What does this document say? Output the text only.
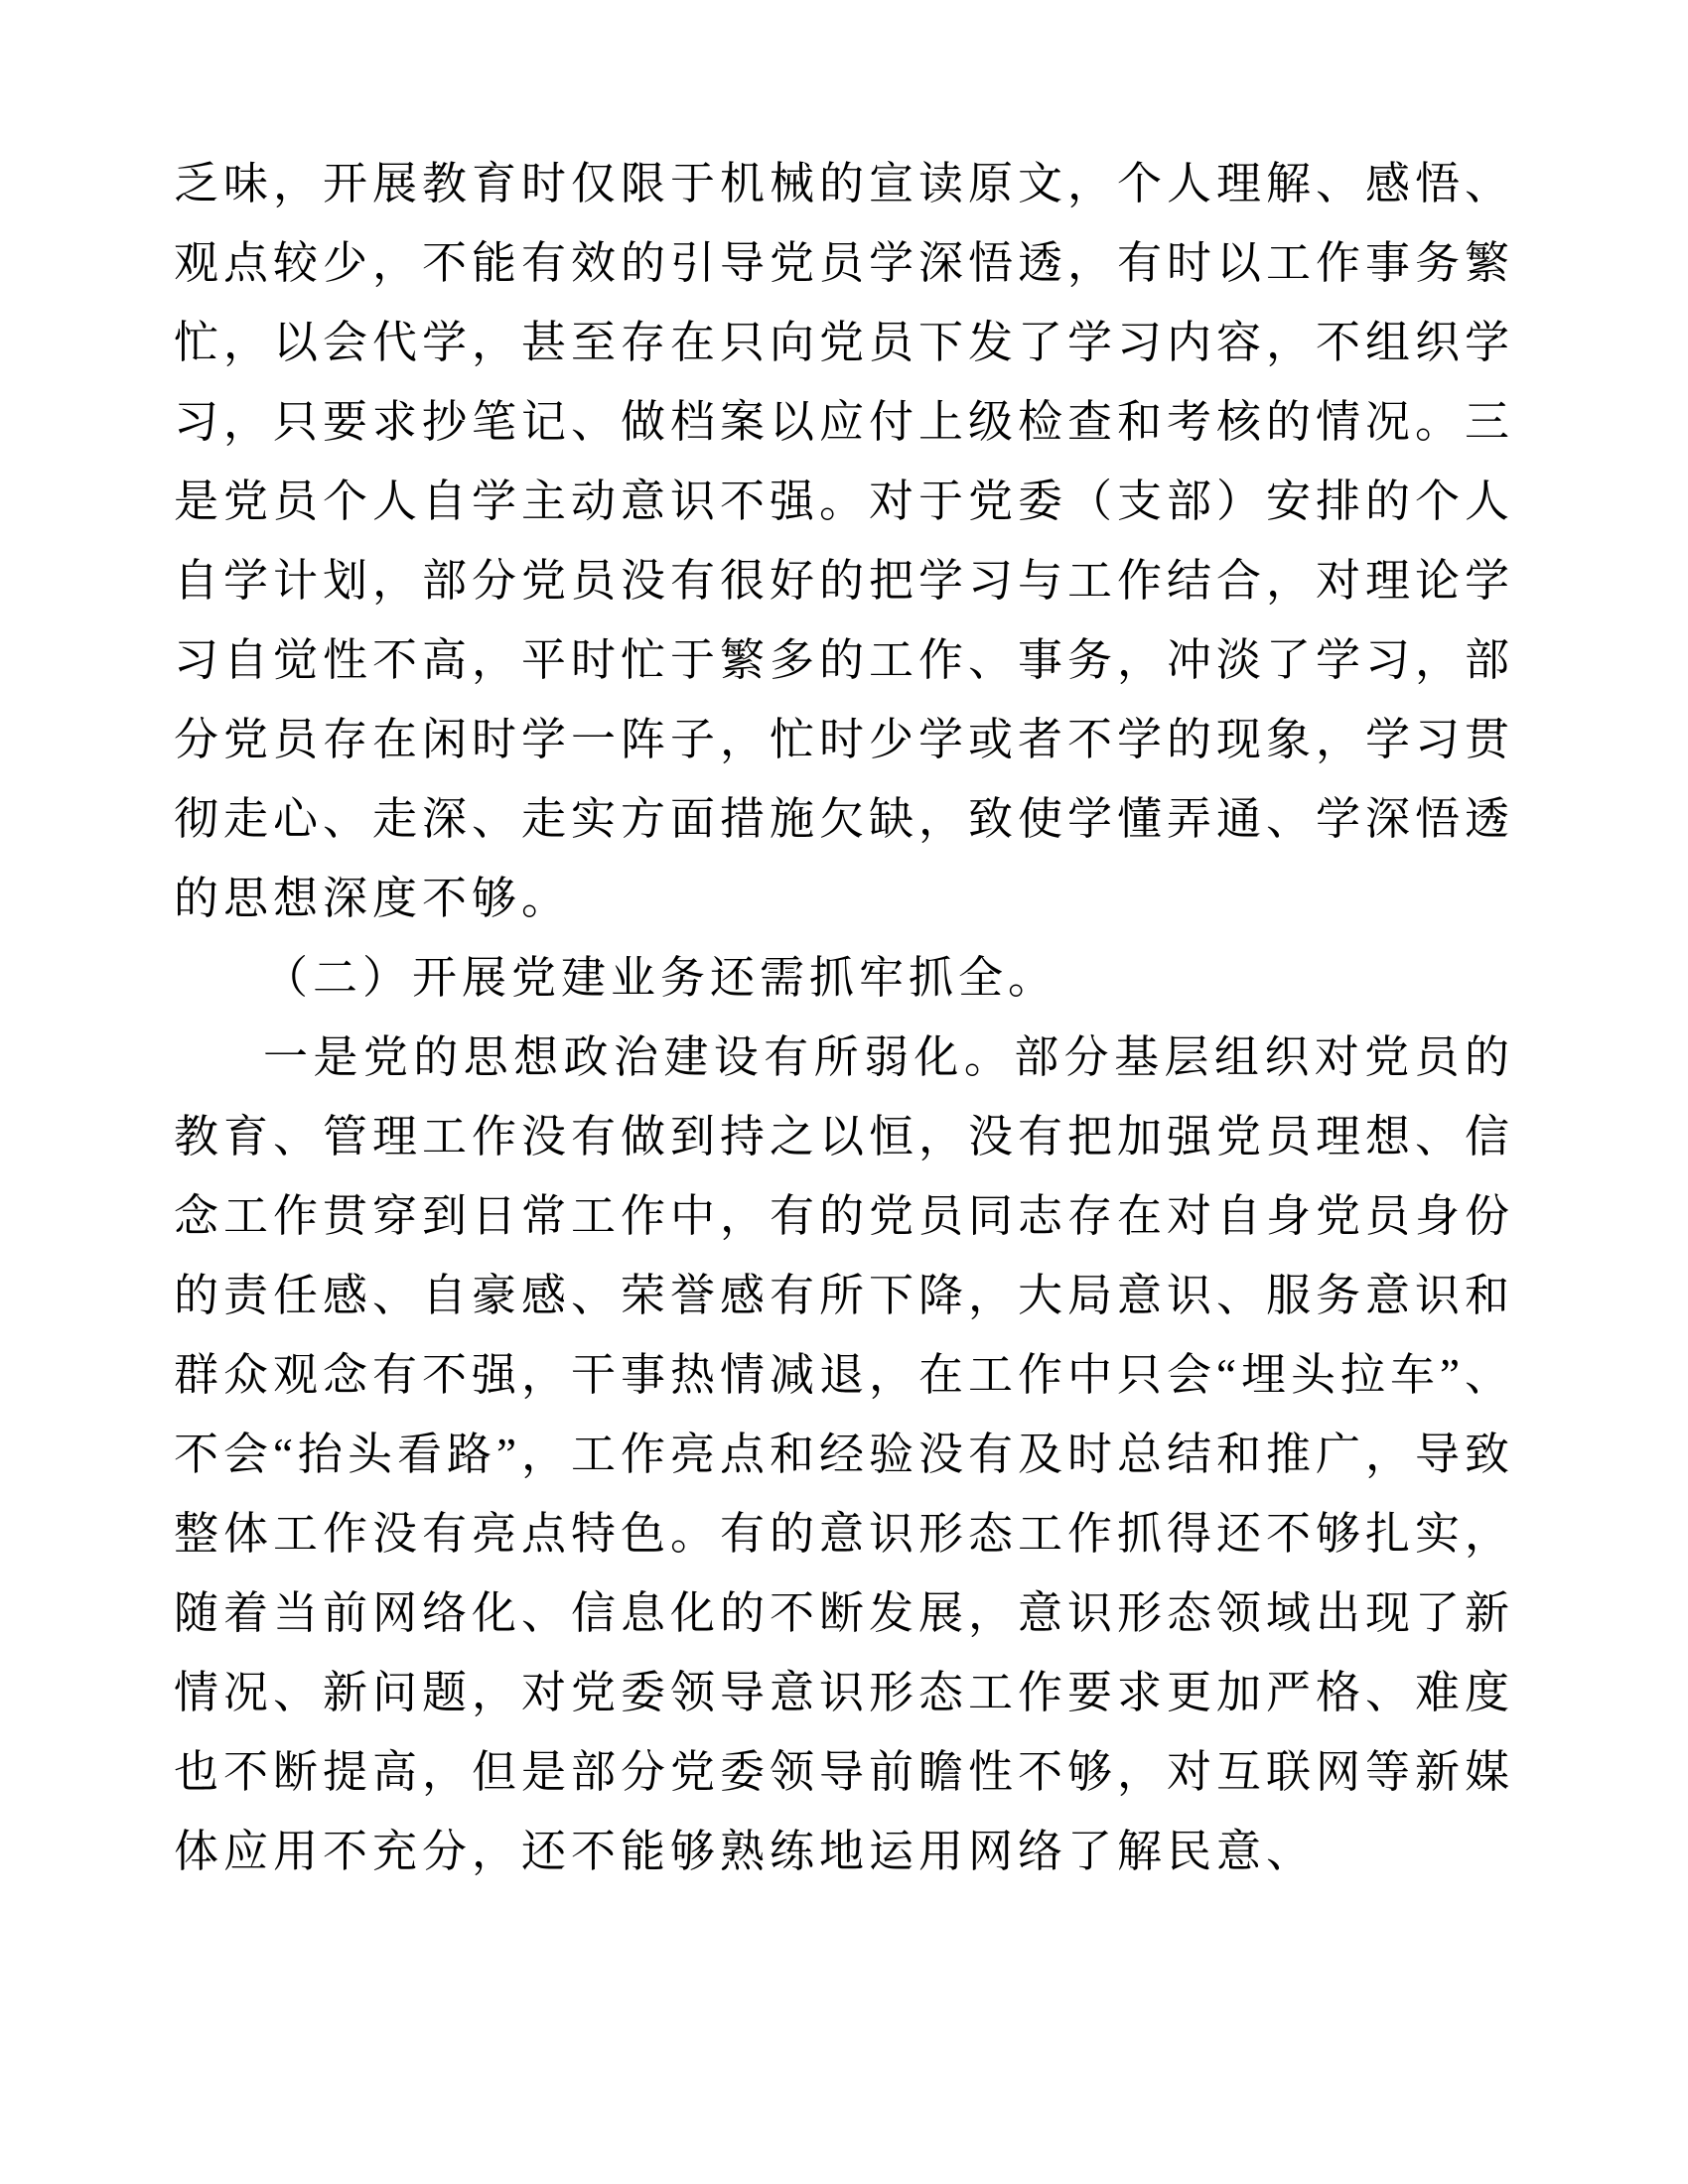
乏味，开展教育时仅限于机械的宣读原文，个人理解、感悟、观点较少，不能有效的引导党员学深悟透，有时以工作事务繁忙，以会代学，甚至存在只向党员下发了学习内容，不组织学习，只要求抄笔记、做档案以应付上级检查和考核的情况。三是党员个人自学主动意识不强。对于党委（支部）安排的个人自学计划，部分党员没有很好的把学习与工作结合，对理论学习自觉性不高，平时忙于繁多的工作、事务，冲淡了学习，部分党员存在闲时学一阵子，忙时少学或者不学的现象，学习贯彻走心、走深、走实方面措施欠缺，致使学懂弄通、学深悟透的思想深度不够。

（二）开展党建业务还需抓牢抓全。

一是党的思想政治建设有所弱化。部分基层组织对党员的教育、管理工作没有做到持之以恒，没有把加强党员理想、信念工作贯穿到日常工作中，有的党员同志存在对自身党员身份的责任感、自豪感、荣誉感有所下降，大局意识、服务意识和群众观念有不强，干事热情减退，在工作中只会“埋头拉车”、不会“抬头看路”，工作亮点和经验没有及时总结和推广，导致整体工作没有亮点特色。有的意识形态工作抓得还不够扎实，随着当前网络化、信息化的不断发展，意识形态领域出现了新情况、新问题，对党委领导意识形态工作要求更加严格、难度也不断提高，但是部分党委领导前瞻性不够，对互联网等新媒体应用不充分，还不能够熟练地运用网络了解民意、
